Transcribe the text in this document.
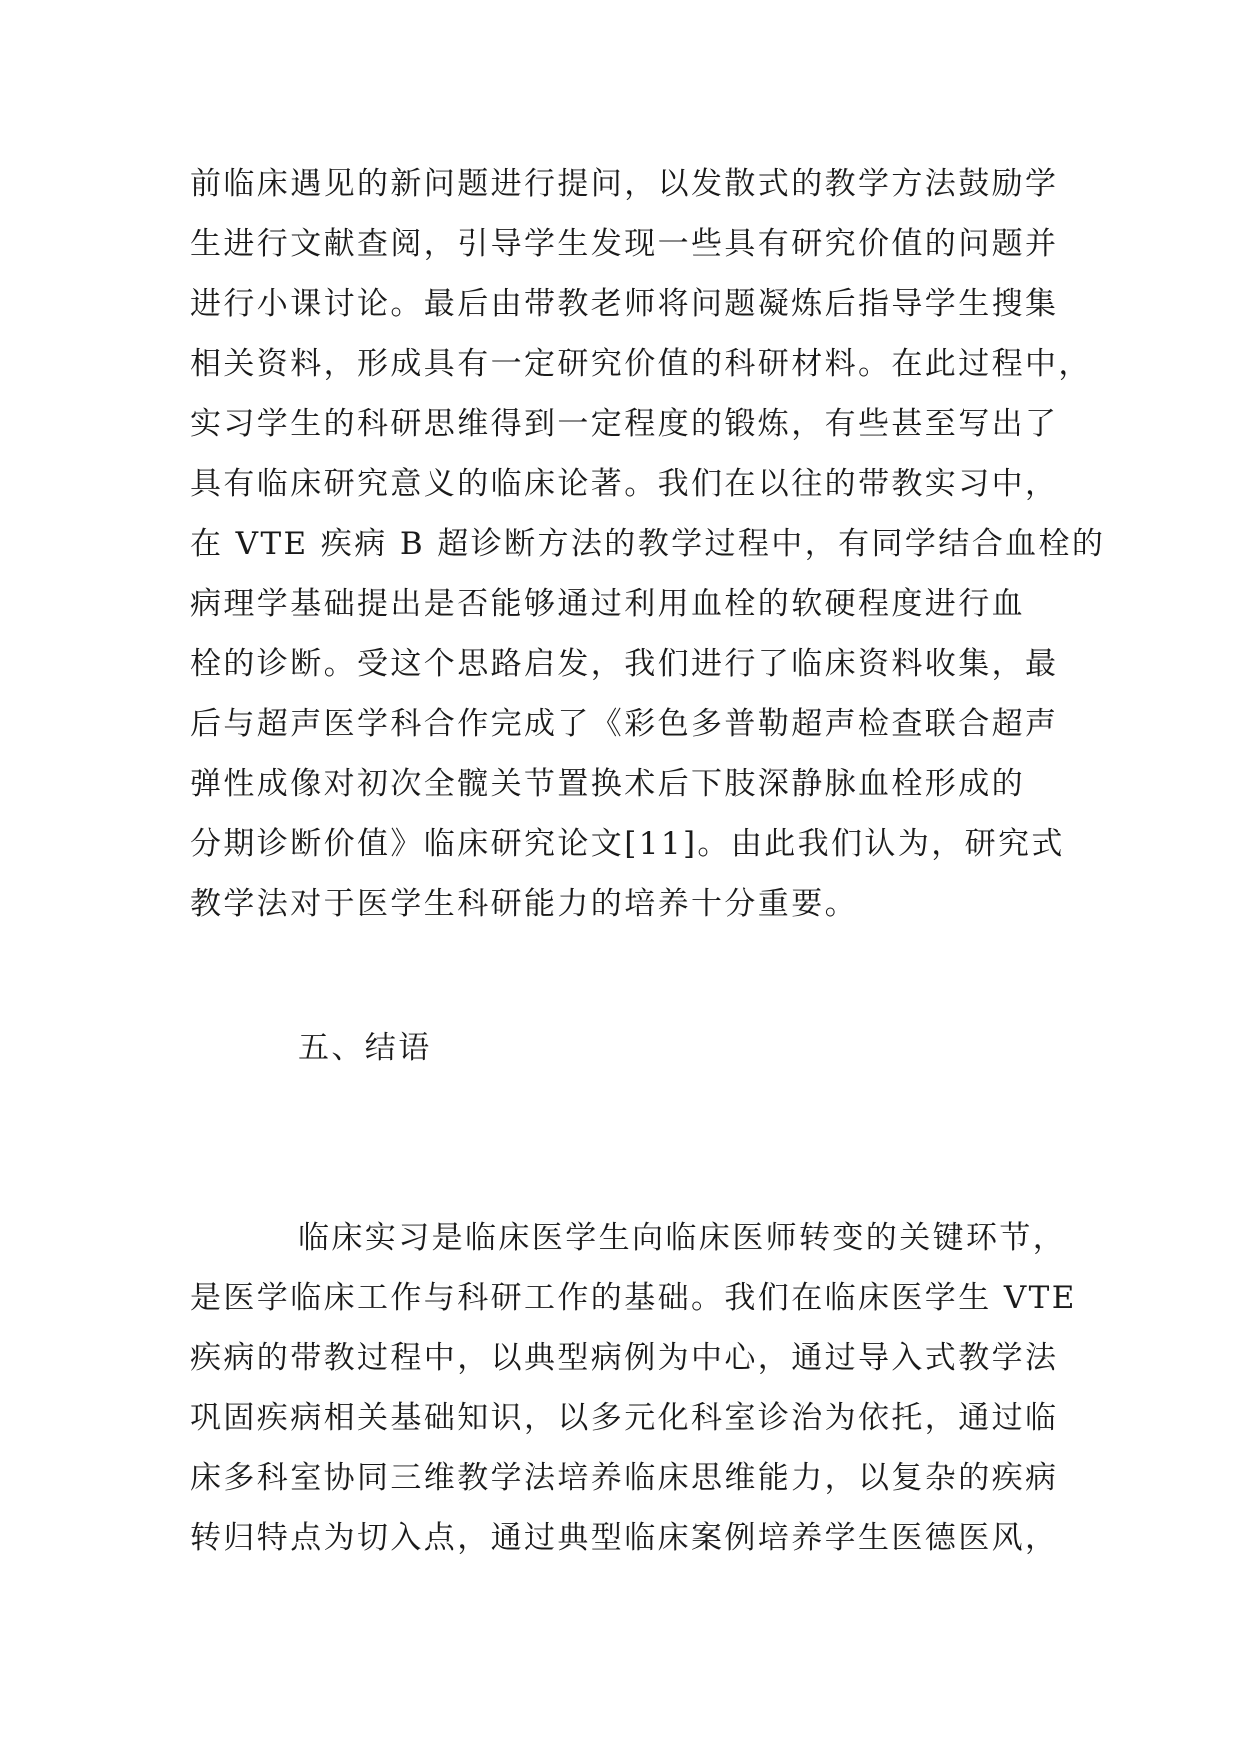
前临床遇见的新问题进行提问，以发散式的教学方法鼓励学
生进行文献查阅，引导学生发现一些具有研究价值的问题并
进行小课讨论。最后由带教老师将问题凝炼后指导学生搜集
相关资料，形成具有一定研究价值的科研材料。在此过程中，
实习学生的科研思维得到一定程度的锻炼，有些甚至写出了
具有临床研究意义的临床论著。我们在以往的带教实习中，
在 VTE 疾病 B 超诊断方法的教学过程中，有同学结合血栓的
病理学基础提出是否能够通过利用血栓的软硬程度进行血
栓的诊断。受这个思路启发，我们进行了临床资料收集，最
后与超声医学科合作完成了《彩色多普勒超声检查联合超声
弹性成像对初次全髋关节置换术后下肢深静脉血栓形成的
分期诊断价值》临床研究论文[11]。由此我们认为，研究式
教学法对于医学生科研能力的培养十分重要。
五、结语
临床实习是临床医学生向临床医师转变的关键环节，
是医学临床工作与科研工作的基础。我们在临床医学生 VTE
疾病的带教过程中，以典型病例为中心，通过导入式教学法
巩固疾病相关基础知识，以多元化科室诊治为依托，通过临
床多科室协同三维教学法培养临床思维能力，以复杂的疾病
转归特点为切入点，通过典型临床案例培养学生医德医风，
